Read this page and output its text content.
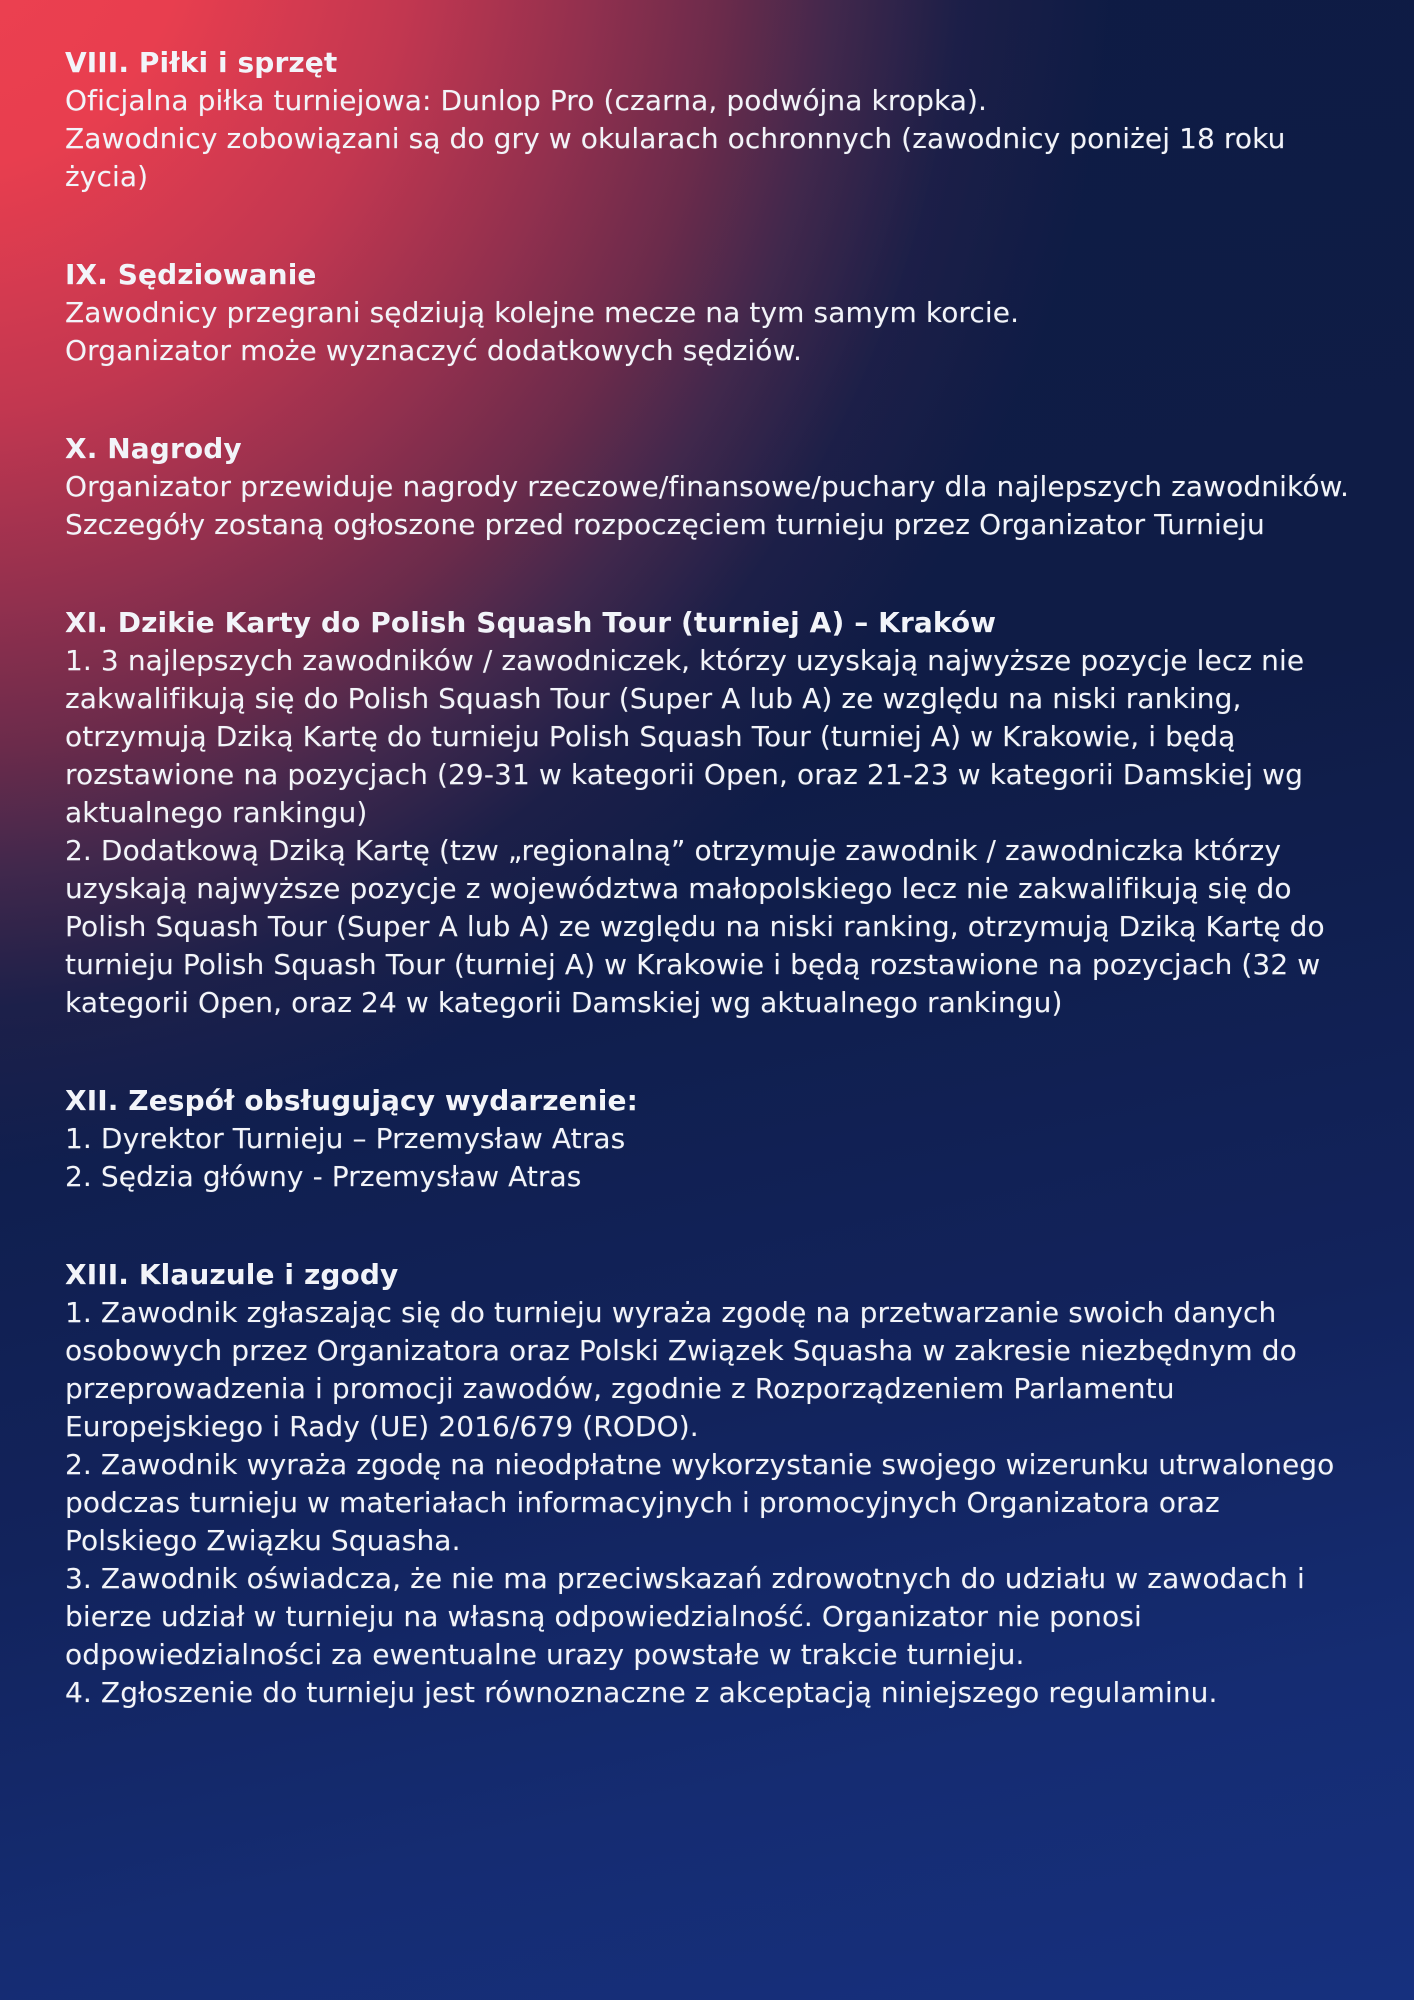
VIII. Piłki i sprzęt

Oficjalna piłka turniejowa: Dunlop Pro (czarna, podwójna kropka).

Zawodnicy zobowiązani są do gry w okularach ochronnych (zawodnicy poniżej 18 roku życia)

IX. Sędziowanie

Zawodnicy przegrani sędziują kolejne mecze na tym samym korcie.

Organizator może wyznaczyć dodatkowych sędziów.

X. Nagrody

Organizator przewiduje nagrody rzeczowe/finansowe/puchary dla najlepszych zawodników.

Szczegóły zostaną ogłoszone przed rozpoczęciem turnieju przez Organizator Turnieju

XI. Dzikie Karty do Polish Squash Tour (turniej A) – Kraków

1. 3 najlepszych zawodników / zawodniczek, którzy uzyskają najwyższe pozycje lecz nie zakwalifikują się do Polish Squash Tour (Super A lub A) ze względu na niski ranking, otrzymują Dziką Kartę do turnieju Polish Squash Tour (turniej A) w Krakowie, i będą rozstawione na pozycjach (29-31 w kategorii Open, oraz 21-23 w kategorii Damskiej wg aktualnego rankingu)

2. Dodatkową Dziką Kartę (tzw „regionalną” otrzymuje zawodnik / zawodniczka którzy uzyskają najwyższe pozycje z województwa małopolskiego lecz nie zakwalifikują się do Polish Squash Tour (Super A lub A) ze względu na niski ranking, otrzymują Dziką Kartę do turnieju Polish Squash Tour (turniej A) w Krakowie i będą rozstawione na pozycjach (32 w kategorii Open, oraz 24 w kategorii Damskiej wg aktualnego rankingu)

XII. Zespół obsługujący wydarzenie:

1. Dyrektor Turnieju – Przemysław Atras

2. Sędzia główny - Przemysław Atras

XIII. Klauzule i zgody

1. Zawodnik zgłaszając się do turnieju wyraża zgodę na przetwarzanie swoich danych osobowych przez Organizatora oraz Polski Związek Squasha w zakresie niezbędnym do przeprowadzenia i promocji zawodów, zgodnie z Rozporządzeniem Parlamentu Europejskiego i Rady (UE) 2016/679 (RODO).

2. Zawodnik wyraża zgodę na nieodpłatne wykorzystanie swojego wizerunku utrwalonego podczas turnieju w materiałach informacyjnych i promocyjnych Organizatora oraz Polskiego Związku Squasha.

3. Zawodnik oświadcza, że nie ma przeciwskazań zdrowotnych do udziału w zawodach i bierze udział w turnieju na własną odpowiedzialność. Organizator nie ponosi odpowiedzialności za ewentualne urazy powstałe w trakcie turnieju.

4. Zgłoszenie do turnieju jest równoznaczne z akceptacją niniejszego regulaminu.
